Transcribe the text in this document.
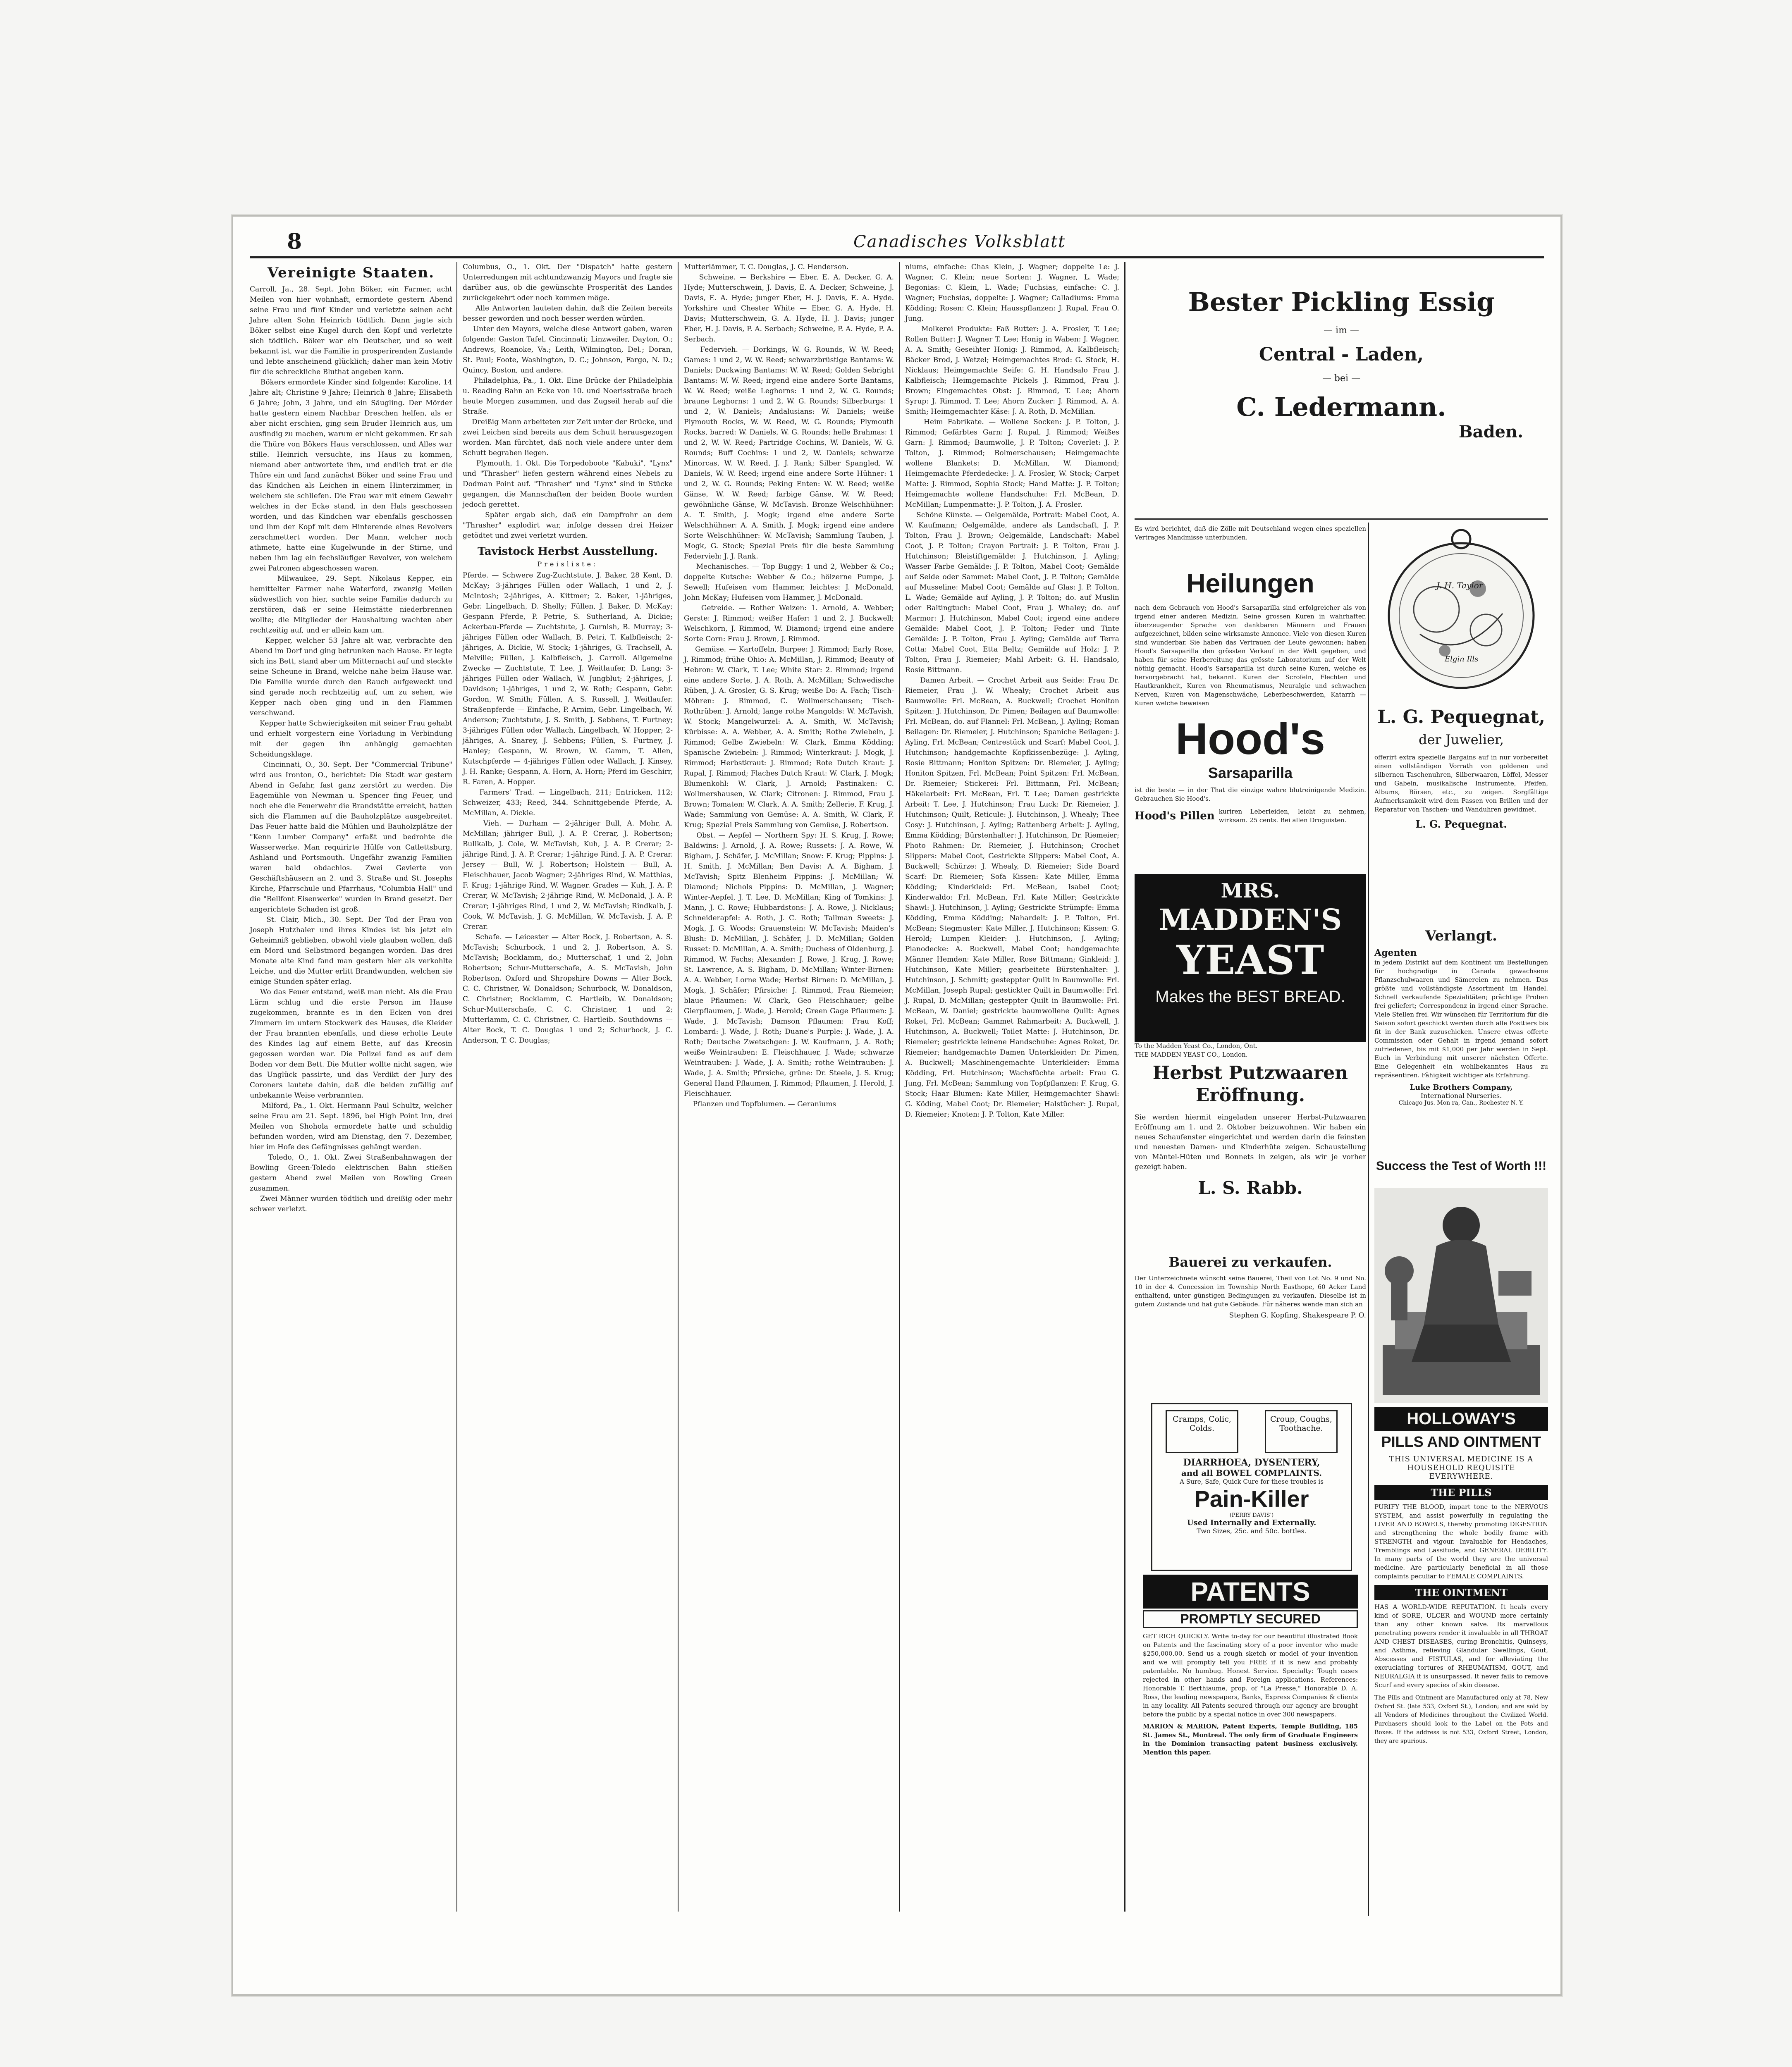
8	Canadisches Volksblatt
Vereinigte Staaten.
Carroll, Ja., 28. Sept. John Böker, ein Farmer, acht Meilen von hier wohnhaft, ermordete gestern Abend seine Frau und fünf Kinder und verletzte seinen acht Jahre alten Sohn Heinrich tödtlich. Dann jagte sich Böker selbst eine Kugel durch den Kopf und verletzte sich tödtlich. Böker war ein Deutscher, und so weit bekannt ist, war die Familie in prosperirenden Zustande und lebte anscheinend glücklich; daher man kein Motiv für die schreckliche Bluthat angeben kann.
Bökers ermordete Kinder sind folgende: Karoline, 14 Jahre alt; Christine 9 Jahre; Heinrich 8 Jahre; Elisabeth 6 Jahre; John, 3 Jahre, und ein Säugling. Der Mörder hatte gestern einem Nachbar Dreschen helfen, als er aber nicht erschien, ging sein Bruder Heinrich aus, um ausfindig zu machen, warum er nicht gekommen. Er sah die Thüre von Bökers Haus verschlossen, und Alles war stille. Heinrich versuchte, ins Haus zu kommen, niemand aber antwortete ihm, und endlich trat er die Thüre ein und fand zunächst Böker und seine Frau und das Kindchen als Leichen in einem Hinterzimmer, in welchem sie schliefen. Die Frau war mit einem Gewehr welches in der Ecke stand, in den Hals geschossen worden, und das Kindchen war ebenfalls geschossen und ihm der Kopf mit dem Hinterende eines Revolvers zerschmettert worden. Der Mann, welcher noch athmete, hatte eine Kugelwunde in der Stirne, und neben ihm lag ein fechsläufiger Revolver, von welchem zwei Patronen abgeschossen waren.
Milwaukee, 29. Sept. Nikolaus Kepper, ein hemittelter Farmer nahe Waterford, zwanzig Meilen südwestlich von hier, suchte seine Familie dadurch zu zerstören, daß er seine Heimstätte niederbrennen wollte; die Mitglieder der Haushaltung wachten aber rechtzeitig auf, und er allein kam um.
Kepper, welcher 53 Jahre alt war, verbrachte den Abend im Dorf und ging betrunken nach Hause. Er legte sich ins Bett, stand aber um Mitternacht auf und steckte seine Scheune in Brand, welche nahe beim Hause war. Die Familie wurde durch den Rauch aufgeweckt und sind gerade noch rechtzeitig auf, um zu sehen, wie Kepper nach oben ging und in den Flammen verschwand.
Kepper hatte Schwierigkeiten mit seiner Frau gehabt und erhielt vorgestern eine Vorladung in Verbindung mit der gegen ihn anhängig gemachten Scheidungsklage.
Cincinnati, O., 30. Sept. Der "Commercial Tribune" wird aus Ironton, O., berichtet: Die Stadt war gestern Abend in Gefahr, fast ganz zerstört zu werden. Die Eagemühle von Newman u. Spencer fing Feuer, und noch ehe die Feuerwehr die Brandstätte erreicht, hatten sich die Flammen auf die Bauholzplätze ausgebreitet. Das Feuer hatte bald die Mühlen und Bauholzplätze der "Kenn Lumber Company" erfaßt und bedrohte die Wasserwerke. Man requirirte Hülfe von Catlettsburg, Ashland und Portsmouth. Ungefähr zwanzig Familien waren bald obdachlos. Zwei Gevierte von Geschäftshäusern an 2. und 3. Straße und St. Josephs Kirche, Pfarrschule und Pfarrhaus, "Columbia Hall" und die "Bellfont Eisenwerke" wurden in Brand gesetzt. Der angerichtete Schaden ist groß.
St. Clair, Mich., 30. Sept. Der Tod der Frau von Joseph Hutzhaler und ihres Kindes ist bis jetzt ein Geheimniß geblieben, obwohl viele glauben wollen, daß ein Mord und Selbstmord begangen worden. Das drei Monate alte Kind fand man gestern hier als verkohlte Leiche, und die Mutter erlitt Brandwunden, welchen sie einige Stunden später erlag.
Wo das Feuer entstand, weiß man nicht. Als die Frau Lärm schlug und die erste Person im Hause zugekommen, brannte es in den Ecken von drei Zimmern im untern Stockwerk des Hauses, die Kleider der Frau brannten ebenfalls, und diese erholte Leute des Kindes lag auf einem Bette, auf das Kreosin gegossen worden war. Die Polizei fand es auf dem Boden vor dem Bett. Die Mutter wollte nicht sagen, wie das Unglück passirte, und das Verdikt der Jury des Coroners lautete dahin, daß die beiden zufällig auf unbekannte Weise verbrannten.
Milford, Pa., 1. Okt. Hermann Paul Schultz, welcher seine Frau am 21. Sept. 1896, bei High Point Inn, drei Meilen von Shohola ermordete hatte und schuldig befunden worden, wird am Dienstag, den 7. Dezember, hier im Hofe des Gefängnisses gehängt werden.
Toledo, O., 1. Okt. Zwei Straßenbahnwagen der Bowling Green-Toledo elektrischen Bahn stießen gestern Abend zwei Meilen von Bowling Green zusammen.
Zwei Männer wurden tödtlich und dreißig oder mehr schwer verletzt.
Columbus, O., 1. Okt. Der "Dispatch" hatte gestern Unterredungen mit achtundzwanzig Mayors und fragte sie darüber aus, ob die gewünschte Prosperität des Landes zurückgekehrt oder noch kommen möge.
Alle Antworten lauteten dahin, daß die Zeiten bereits besser geworden und noch besser werden würden.
Unter den Mayors, welche diese Antwort gaben, waren folgende: Gaston Tafel, Cincinnati; Linzweiler, Dayton, O.; Andrews, Roanoke, Va.; Leith, Wilmington, Del.; Doran, St. Paul; Foote, Washington, D. C.; Johnson, Fargo, N. D.; Quincy, Boston, und andere.
Philadelphia, Pa., 1. Okt. Eine Brücke der Philadelphia u. Reading Bahn an Ecke von 10. und Noerisstraße brach heute Morgen zusammen, und das Zugseil herab auf die Straße.
Dreißig Mann arbeiteten zur Zeit unter der Brücke, und zwei Leichen sind bereits aus dem Schutt herausgezogen worden. Man fürchtet, daß noch viele andere unter dem Schutt begraben liegen.
Plymouth, 1. Okt. Die Torpedoboote "Kabuki", "Lynx" und "Thrasher" liefen gestern während eines Nebels zu Dodman Point auf. "Thrasher" und "Lynx" sind in Stücke gegangen, die Mannschaften der beiden Boote wurden jedoch gerettet.
Später ergab sich, daß ein Dampfrohr an dem "Thrasher" explodirt war, infolge dessen drei Heizer getödtet und zwei verletzt wurden.
Tavistock Herbst Ausstellung.
Preisliste:
Pferde. — Schwere Zug-Zuchtstute, J. Baker, 28 Kent, D. McKay; 3-jähriges Füllen oder Wallach, 1 und 2, J. McIntosh; 2-jähriges, A. Kittmer; 2. Baker, 1-jähriges, Gebr. Lingelbach, D. Shelly; Füllen, J. Baker, D. McKay; Gespann Pferde, P. Petrie, S. Sutherland, A. Dickie; Ackerbau-Pferde — Zuchtstute, J. Gurnish, B. Murray; 3-jähriges Füllen oder Wallach, B. Petri, T. Kalbfleisch; 2-jähriges, A. Dickie, W. Stock; 1-jähriges, G. Trachsell, A. Melville; Füllen, J. Kalbfleisch, J. Carroll. Allgemeine Zwecke — Zuchtstute, T. Lee, J. Weitlaufer, D. Lang; 3-jähriges Füllen oder Wallach, W. Jungblut; 2-jähriges, J. Davidson; 1-jähriges, 1 und 2, W. Roth; Gespann, Gebr. Gordon, W. Smith; Füllen, A. S. Russell, J. Weitlaufer. Straßenpferde — Einfache, P. Arnim, Gebr. Lingelbach, W. Anderson; Zuchtstute, J. S. Smith, J. Sebbens, T. Furtney; 3-jähriges Füllen oder Wallach, Lingelbach, W. Hopper; 2-jähriges, A. Snarey, J. Sebbens; Füllen, S. Furtney, J. Hanley; Gespann, W. Brown, W. Gamm, T. Allen, Kutschpferde — 4-jähriges Füllen oder Wallach, J. Kinsey, J. H. Ranke; Gespann, A. Horn, A. Horn; Pferd im Geschirr, R. Faren, A. Hopper.
Farmers' Trad. — Lingelbach, 211; Entricken, 112; Schweizer, 433; Reed, 344. Schnittgebende Pferde, A. McMillan, A. Dickie.
Vieh. — Durham — 2-jähriger Bull, A. Mohr, A. McMillan; jähriger Bull, J. A. P. Crerar, J. Robertson; Bullkalb, J. Cole, W. McTavish, Kuh, J. A. P. Crerar; 2-jährige Rind, J. A. P. Crerar; 1-jährige Rind, J. A. P. Crerar. Jersey — Bull, W. J. Robertson; Holstein — Bull, A. Fleischhauer, Jacob Wagner; 2-jähriges Rind, W. Matthias, F. Krug; 1-jährige Rind, W. Wagner. Grades — Kuh, J. A. P. Crerar, W. McTavish; 2-jährige Rind, W. McDonald, J. A. P. Crerar; 1-jähriges Rind, 1 und 2, W. McTavish; Rindkalb, J. Cook, W. McTavish, J. G. McMillan, W. McTavish, J. A. P. Crerar.
Schafe. — Leicester — Alter Bock, J. Robertson, A. S. McTavish; Schurbock, 1 und 2, J. Robertson, A. S. McTavish; Bocklamm, do.; Mutterschaf, 1 und 2, John Robertson; Schur-Mutterschafe, A. S. McTavish, John Robertson. Oxford und Shropshire Downs — Alter Bock, C. C. Christner, W. Donaldson; Schurbock, W. Donaldson, C. Christner; Bocklamm, C. Hartleib, W. Donaldson; Schur-Mutterschafe, C. C. Christner, 1 und 2; Mutterlamm, C. C. Christner, C. Hartleib. Southdowns — Alter Bock, T. C. Douglas 1 und 2; Schurbock, J. C. Anderson, T. C. Douglas;
Mutterlämmer, T. C. Douglas, J. C. Henderson.
Schweine. — Berkshire — Eber, E. A. Decker, G. A. Hyde; Mutterschwein, J. Davis, E. A. Decker, Schweine, J. Davis, E. A. Hyde; junger Eber, H. J. Davis, E. A. Hyde. Yorkshire und Chester White — Eber, G. A. Hyde, H. Davis; Mutterschwein, G. A. Hyde, H. J. Davis; junger Eber, H. J. Davis, P. A. Serbach; Schweine, P. A. Hyde, P. A. Serbach.
Federvieh. — Dorkings, W. G. Rounds, W. W. Reed; Games: 1 und 2, W. W. Reed; schwarzbrüstige Bantams: W. Daniels; Duckwing Bantams: W. W. Reed; Golden Sebright Bantams: W. W. Reed; irgend eine andere Sorte Bantams, W. W. Reed; weiße Leghorns: 1 und 2, W. G. Rounds; braune Leghorns: 1 und 2, W. G. Rounds; Silberburgs: 1 und 2, W. Daniels; Andalusians: W. Daniels; weiße Plymouth Rocks, W. W. Reed, W. G. Rounds; Plymouth Rocks, barred: W. Daniels, W. G. Rounds; helle Brahmas: 1 und 2, W. W. Reed; Partridge Cochins, W. Daniels, W. G. Rounds; Buff Cochins: 1 und 2, W. Daniels; schwarze Minorcas, W. W. Reed, J. J. Rank; Silber Spangled, W. Daniels, W. W. Reed; irgend eine andere Sorte Hühner: 1 und 2, W. G. Rounds; Peking Enten: W. W. Reed; weiße Gänse, W. W. Reed; farbige Gänse, W. W. Reed; gewöhnliche Gänse, W. McTavish. Bronze Welschhühner: A. T. Smith, J. Mogk; irgend eine andere Sorte Welschhühner: A. A. Smith, J. Mogk; irgend eine andere Sorte Welschhühner: W. McTavish; Sammlung Tauben, J. Mogk, G. Stock; Spezial Preis für die beste Sammlung Federvieh: J. J. Rank.
Mechanisches. — Top Buggy: 1 und 2, Webber & Co.; doppelte Kutsche: Webber & Co.; hölzerne Pumpe, J. Sewell; Hufeisen vom Hammer, leichtes: J. McDonald, John McKay; Hufeisen vom Hammer, J. McDonald.
Getreide. — Rother Weizen: 1. Arnold, A. Webber; Gerste: J. Rimmod; weißer Hafer: 1 und 2, J. Buckwell; Welschkorn, J. Rimmod, W. Diamond; irgend eine andere Sorte Corn: Frau J. Brown, J. Rimmod.
Gemüse. — Kartoffeln, Burpee: J. Rimmod; Early Rose, J. Rimmod; frühe Ohio: A. McMillan, J. Rimmod; Beauty of Hebron: W. Clark, T. Lee; White Star: 2. Rimmod; irgend eine andere Sorte, J. A. Roth, A. McMillan; Schwedische Rüben, J. A. Grosler, G. S. Krug; weiße Do: A. Fach; Tisch-Möhren: J. Rimmod, C. Wollmerschausen; Tisch-Rothrüben: J. Arnold; lange rothe Mangolds: W. McTavish, W. Stock; Mangelwurzel: A. A. Smith, W. McTavish; Kürbisse: A. A. Webber, A. A. Smith; Rothe Zwiebeln, J. Rimmod; Gelbe Zwiebeln: W. Clark, Emma Ködding; Spanische Zwiebeln: J. Rimmod; Winterkraut: J. Mogk, J. Rimmod; Herbstkraut: J. Rimmod; Rote Dutch Kraut: J. Rupal, J. Rimmod; Flaches Dutch Kraut: W. Clark, J. Mogk; Blumenkohl: W. Clark, J. Arnold; Pastinaken: C. Wollmershausen, W. Clark; Citronen: J. Rimmod, Frau J. Brown; Tomaten: W. Clark, A. A. Smith; Zellerie, F. Krug, J. Wade; Sammlung von Gemüse: A. A. Smith, W. Clark, F. Krug; Spezial Preis Sammlung von Gemüse, J. Robertson.
Obst. — Aepfel — Northern Spy: H. S. Krug, J. Rowe; Baldwins: J. Arnold, J. A. Rowe; Russets: J. A. Rowe, W. Bigham, J. Schäfer, J. McMillan; Snow: F. Krug; Pippins: J. H. Smith, J. McMillan; Ben Davis: A. A. Bigham, J. McTavish; Spitz Blenheim Pippins: J. McMillan; W. Diamond; Nichols Pippins: D. McMillan, J. Wagner; Winter-Aepfel, J. T. Lee, D. McMillan; King of Tomkins: J. Mann, J. C. Rowe; Hubbardstons: J. A. Rowe, J. Nicklaus; Schneiderapfel: A. Roth, J. C. Roth; Tallman Sweets: J. Mogk, J. G. Woods; Grauenstein: W. McTavish; Maiden's Blush: D. McMillan, J. Schäfer, J. D. McMillan; Golden Russet: D. McMillan, A. A. Smith; Duchess of Oldenburg, J. Rimmod, W. Fachs; Alexander: J. Rowe, J. Krug, J. Rowe; St. Lawrence, A. S. Bigham, D. McMillan; Winter-Birnen: A. A. Webber, Lorne Wade; Herbst Birnen: D. McMillan, J. Mogk, J. Schäfer; Pfirsiche: J. Rimmod, Frau Riemeier; blaue Pflaumen: W. Clark, Geo Fleischhauer; gelbe Gierpflaumen, J. Wade, J. Herold; Green Gage Pflaumen: J. Wade, J. McTavish; Damson Pflaumen: Frau Koff; Lombard: J. Wade, J. Roth; Duane's Purple: J. Wade, J. A. Roth; Deutsche Zwetschgen: J. W. Kaufmann, J. A. Roth; weiße Weintrauben: E. Fleischhauer, J. Wade; schwarze Weintrauben: J. Wade, J. A. Smith; rothe Weintrauben: J. Wade, J. A. Smith; Pfirsiche, grüne: Dr. Steele, J. S. Krug; General Hand Pflaumen, J. Rimmod; Pflaumen, J. Herold, J. Fleischhauer.
Pflanzen und Topfblumen. — Geraniums
niums, einfache: Chas Klein, J. Wagner; doppelte Le: J. Wagner, C. Klein; neue Sorten: J. Wagner, L. Wade; Begonias: C. Klein, L. Wade; Fuchsias, einfache: C. J. Wagner; Fuchsias, doppelte: J. Wagner; Calladiums: Emma Ködding; Rosen: C. Klein; Hausspflanzen: J. Rupal, Frau O. Jung.
Molkerei Produkte: Faß Butter: J. A. Frosler, T. Lee; Rollen Butter: J. Wagner T. Lee; Honig in Waben: J. Wagner, A. A. Smith; Geseihter Honig: J. Rimmod, A. Kalbfleisch; Bäcker Brod, J. Wetzel; Heimgemachtes Brod: G. Stock, H. Nicklaus; Heimgemachte Seife: G. H. Handsalo Frau J. Kalbfleisch; Heimgemachte Pickels J. Rimmod, Frau J. Brown; Eingemachtes Obst: J. Rimmod, T. Lee; Ahorn Syrup: J. Rimmod, T. Lee; Ahorn Zucker: J. Rimmod, A. A. Smith; Heimgemachter Käse: J. A. Roth, D. McMillan.
Heim Fabrikate. — Wollene Socken: J. P. Tolton, J. Rimmod; Gefärbtes Garn: J. Rupal, J. Rimmod; Weißes Garn: J. Rimmod; Baumwolle, J. P. Tolton; Coverlet: J. P. Tolton, J. Rimmod; Bolmerschausen; Heimgemachte wollene Blankets: D. McMillan, W. Diamond; Heimgemachte Pferdedecke: J. A. Frosler, W. Stock; Carpet Matte: J. Rimmod, Sophia Stock; Hand Matte: J. P. Tolton; Heimgemachte wollene Handschuhe: Frl. McBean, D. McMillan; Lumpenmatte: J. P. Tolton, J. A. Frosler.
Schöne Künste. — Oelgemälde, Portrait: Mabel Coot, A. W. Kaufmann; Oelgemälde, andere als Landschaft, J. P. Tolton, Frau J. Brown; Oelgemälde, Landschaft: Mabel Coot, J. P. Tolton; Crayon Portrait: J. P. Tolton, Frau J. Hutchinson; Bleistiftgemälde: J. Hutchinson, J. Ayling; Wasser Farbe Gemälde: J. P. Tolton, Mabel Coot; Gemälde auf Seide oder Sammet: Mabel Coot, J. P. Tolton; Gemälde auf Musseline: Mabel Coot; Gemälde auf Glas: J. P. Tolton, L. Wade; Gemälde auf Ayling, J. P. Tolton; do. auf Muslin oder Baltingtuch: Mabel Coot, Frau J. Whaley; do. auf Marmor: J. Hutchinson, Mabel Coot; irgend eine andere Gemälde: Mabel Coot, J. P. Tolton; Feder und Tinte Gemälde: J. P. Tolton, Frau J. Ayling; Gemälde auf Terra Cotta: Mabel Coot, Etta Beltz; Gemälde auf Holz: J. P. Tolton, Frau J. Riemeier; Mahl Arbeit: G. H. Handsalo, Rosie Bittmann.
Damen Arbeit. — Crochet Arbeit aus Seide: Frau Dr. Riemeier, Frau J. W. Whealy; Crochet Arbeit aus Baumwolle: Frl. McBean, A. Buckwell; Crochet Honiton Spitzen: J. Hutchinson, Dr. Pimen; Beilagen auf Baumwolle: Frl. McBean, do. auf Flannel: Frl. McBean, J. Ayling; Roman Beilagen: Dr. Riemeier, J. Hutchinson; Spaniche Beilagen: J. Ayling, Frl. McBean; Centrestück und Scarf: Mabel Coot, J. Hutchinson; handgemachte Kopfkissenbezüge: J. Ayling, Rosie Bittmann; Honiton Spitzen: Dr. Riemeier, J. Ayling; Honiton Spitzen, Frl. McBean; Point Spitzen: Frl. McBean, Dr. Riemeier; Stickerei: Frl. Bittmann, Frl. McBean; Häkelarbeit: Frl. McBean, Frl. T. Lee; Damen gestrickte Arbeit: T. Lee, J. Hutchinson; Frau Luck: Dr. Riemeier, J. Hutchinson; Quilt, Reticule: J. Hutchinson, J. Whealy; Thee Cosy: J. Hutchinson, J. Ayling; Battenberg Arbeit: J. Ayling, Emma Ködding; Bürstenhalter: J. Hutchinson, Dr. Riemeier; Photo Rahmen: Dr. Riemeier, J. Hutchinson; Crochet Slippers: Mabel Coot, Gestrickte Slippers: Mabel Coot, A. Buckwell; Schürze: J. Whealy, D. Riemeier; Side Board Scarf: Dr. Riemeier; Sofa Kissen: Kate Miller, Emma Ködding; Kinderkleid: Frl. McBean, Isabel Coot; Kinderwaldo: Frl. McBean, Frl. Kate Miller; Gestrickte Shawl: J. Hutchinson, J. Ayling; Gestrickte Strümpfe: Emma Ködding, Emma Ködding; Nahardeit: J. P. Tolton, Frl. McBean; Stegmuster: Kate Miller, J. Hutchinson; Kissen: G. Herold; Lumpen Kleider: J. Hutchinson, J. Ayling; Pianodecke: A. Buckwell, Mabel Coot; handgemachte Männer Hemden: Kate Miller, Rose Bittmann; Ginkleid: J. Hutchinson, Kate Miller; gearbeitete Bürstenhalter: J. Hutchinson, J. Schmitt; gesteppter Quilt in Baumwolle: Frl. McMillan, Joseph Rupal; gestickter Quilt in Baumwolle: Frl. J. Rupal, D. McMillan; gesteppter Quilt in Baumwolle: Frl. McBean, W. Daniel; gestrickte baumwollene Quilt: Agnes Roket, Frl. McBean; Gammet Rahmarbeit: A. Buckwell, J. Hutchinson, A. Buckwell; Toilet Matte: J. Hutchinson, Dr. Riemeier; gestrickte leinene Handschuhe: Agnes Roket, Dr. Riemeier; handgemachte Damen Unterkleider: Dr. Pimen, A. Buckwell; Maschinengemachte Unterkleider: Emma Ködding, Frl. Hutchinson; Wachsfüchte arbeit: Frau G. Jung, Frl. McBean; Sammlung von Topfpflanzen: F. Krug, G. Stock; Haar Blumen: Kate Miller, Heimgemachter Shawl: G. Köding, Mabel Coot; Dr. Riemeier; Halstücher: J. Rupal, D. Riemeier; Knoten: J. P. Tolton, Kate Miller.
Bester Pickling Essig
— im —
Central - Laden,
— bei —
C. Ledermann.
Baden.
Es wird berichtet, daß die Zölle mit Deutschland wegen eines speziellen Vertrages Mandmisse unterbunden.
Heilungen
nach dem Gebrauch von Hood's Sarsaparilla sind erfolgreicher als von irgend einer anderen Medizin. Seine grossen Kuren in wahrhafter, überzeugender Sprache von dankbaren Männern und Frauen aufgezeichnet, bilden seine wirksamste Annonce. Viele von diesen Kuren sind wunderbar. Sie haben das Vertrauen der Leute gewonnen; haben Hood's Sarsaparilla den grössten Verkauf in der Welt gegeben, und haben für seine Herbereitung das grösste Laboratorium auf der Welt nöthig gemacht. Hood's Sarsaparilla ist durch seine Kuren, welche es hervorgebracht hat, bekannt. Kuren der Scrofeln, Flechten und Hautkrankheit, Kuren von Rheumatismus, Neuralgie und schwachen Nerven, Kuren von Magenschwäche, Leberbeschwerden, Katarrh — Kuren welche beweisen
Hood's
Sarsaparilla
ist die beste — in der That die einzige wahre blutreinigende Medizin. Gebrauchen Sie Hood's.
Hood's Pillen kuriren Leberleiden, leicht zu nehmen, wirksam. 25 cents. Bei allen Droguisten.
J. H. Taylor
Elgin Ills
L. G. Pequegnat,
der Juwelier,
offerirt extra spezielle Bargains auf in nur vorbereitet einen vollständigen Vorrath von goldenen und silbernen Taschenuhren, Silberwaaren, Löffel, Messer und Gabeln, musikalische Instrumente, Pfeifen, Albums, Börsen, etc., zu zeigen. Sorgfältige Aufmerksamkeit wird dem Passen von Brillen und der Reparatur von Taschen- und Wanduhren gewidmet.
L. G. Pequegnat.
MRS.
MADDEN'S
YEAST
Makes the BEST BREAD.
To the Madden Yeast Co., London, Ont.
THE MADDEN YEAST CO., London.
Verlangt.
Agenten
in jedem Distrikt auf dem Kontinent um Bestellungen für hochgradige in Canada gewachsene Pflanzschulwaaren und Sämereien zu nehmen. Das größte und vollständigste Assortment im Handel. Schnell verkaufende Spezialitäten; prächtige Proben frei geliefert; Correspondenz in irgend einer Sprache. Viele Stellen frei. Wir wünschen für Territorium für die Saison sofort geschickt werden durch alle Posttiers bis fit in der Bank zuzuschicken. Unsere etwas offerte Commission oder Gehalt in irgend jemand sofort zufriedenen, bis mit $1,000 per Jahr werden in Sept. Euch in Verbindung mit unserer nächsten Offerte. Eine Gelegenheit ein wohlbekanntes Haus zu repräsentiren. Fähigkeit wichtiger als Erfahrung.
Luke Brothers Company,
International Nurseries.
Chicago Jus. Mon ra, Can., Rochester N. Y.
Herbst Putzwaaren Eröffnung.
Sie werden hiermit eingeladen unserer Herbst-Putzwaaren Eröffnung am 1. und 2. Oktober beizuwohnen. Wir haben ein neues Schaufenster eingerichtet und werden darin die feinsten und neuesten Damen- und Kinderhüte zeigen. Schaustellung von Mäntel-Hüten und Bonnets in zeigen, als wir je vorher gezeigt haben.
L. S. Rabb.
Success the Test of Worth !!!
HOLLOWAY'S
PILLS AND OINTMENT
THIS UNIVERSAL MEDICINE IS A HOUSEHOLD REQUISITE EVERYWHERE.
THE PILLS
PURIFY THE BLOOD, impart tone to the NERVOUS SYSTEM, and assist powerfully in regulating the LIVER AND BOWELS, thereby promoting DIGESTION and strengthening the whole bodily frame with STRENGTH and vigour. Invaluable for Headaches, Tremblings and Lassitude, and GENERAL DEBILITY. In many parts of the world they are the universal medicine. Are particularly beneficial in all those complaints peculiar to FEMALE COMPLAINTS.
THE OINTMENT
HAS A WORLD-WIDE REPUTATION. It heals every kind of SORE, ULCER and WOUND more certainly than any other known salve. Its marvellous penetrating powers render it invaluable in all THROAT AND CHEST DISEASES, curing Bronchitis, Quinseys, and Asthma, relieving Glandular Swellings, Gout, Abscesses and FISTULAS, and for alleviating the excruciating tortures of RHEUMATISM, GOUT, and NEURALGIA it is unsurpassed. It never fails to remove Scurf and every species of skin disease.
The Pills and Ointment are Manufactured only at 78, New Oxford St. (late 533, Oxford St.), London; and are sold by all Vendors of Medicines throughout the Civilized World. Purchasers should look to the Label on the Pots and Boxes. If the address is not 533, Oxford Street, London, they are spurious.
Bauerei zu verkaufen.
Der Unterzeichnete wünscht seine Bauerei, Theil von Lot No. 9 und No. 10 in der 4. Concession im Township North Easthope, 60 Acker Land enthaltend, unter günstigen Bedingungen zu verkaufen. Dieselbe ist in gutem Zustande und hat gute Gebäude. Für näheres wende man sich an
Stephen G. Kopfing, Shakespeare P. O.
Cramps, Colic, Colds.
Croup, Coughs, Toothache.
DIARRHOEA, DYSENTERY,
and all BOWEL COMPLAINTS.
A Sure, Safe, Quick Cure for these troubles is
Pain-Killer
(PERRY DAVIS')
Used Internally and Externally.
Two Sizes, 25c. and 50c. bottles.
PATENTS
PROMPTLY SECURED
GET RICH QUICKLY. Write to-day for our beautiful illustrated Book on Patents and the fascinating story of a poor inventor who made $250,000.00. Send us a rough sketch or model of your invention and we will promptly tell you FREE if it is new and probably patentable. No humbug. Honest Service. Specialty: Tough cases rejected in other hands and Foreign applications. References: Honorable T. Berthiaume, prop. of "La Presse," Honorable D. A. Ross, the leading newspapers, Banks, Express Companies & clients in any locality. All Patents secured through our agency are brought before the public by a special notice in over 300 newspapers.
MARION & MARION, Patent Experts, Temple Building, 185 St. James St., Montreal. The only firm of Graduate Engineers in the Dominion transacting patent business exclusively. Mention this paper.
